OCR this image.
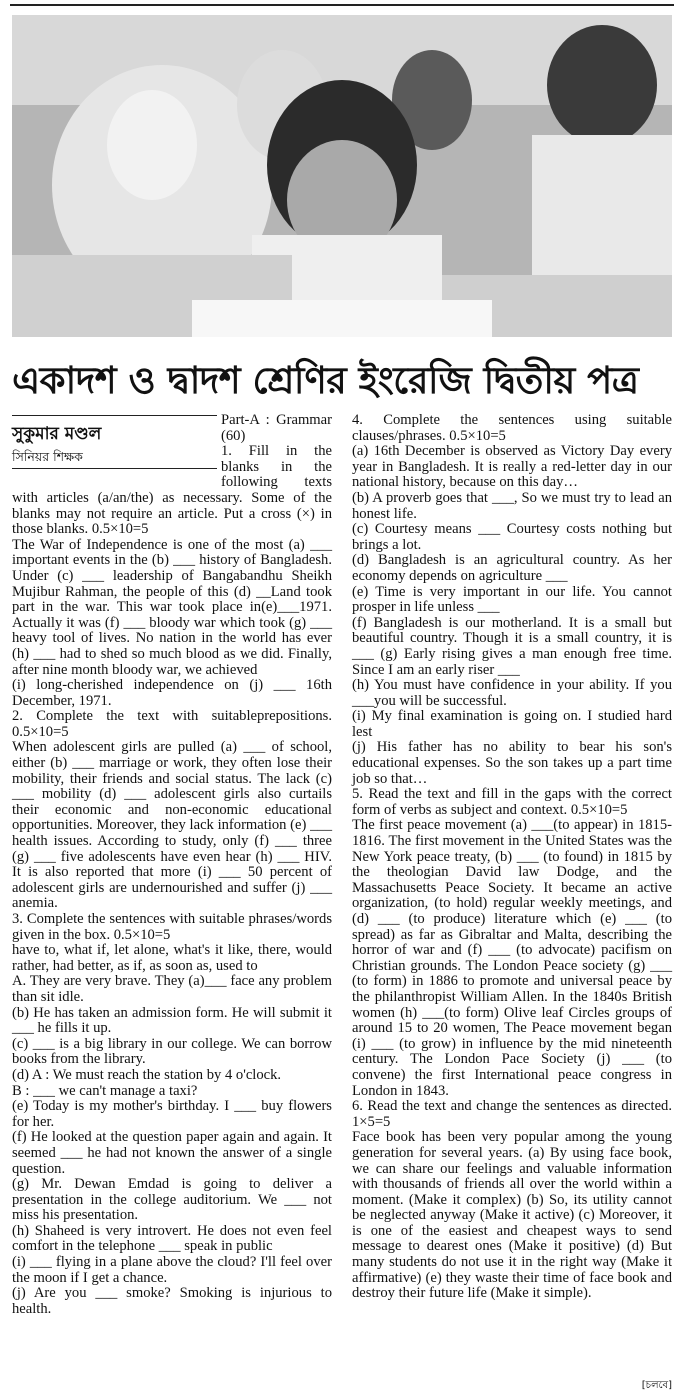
একাদশ ও দ্বাদশ শ্রেণির ইংরেজি দ্বিতীয় পত্র
সুকুমার মণ্ডল
সিনিয়র শিক্ষক

Part-A : Grammar (60)

1. Fill in the blanks in the following texts with articles (a/an/the) as necessary. Some of the blanks may not require an article. Put a cross (×) in those blanks. 0.5×10=5

The War of Independence is one of the most (a) ___ important events in the (b) ___ history of Bangladesh. Under (c) ___ leadership of Bangabandhu Sheikh Mujibur Rahman, the people of this (d) __Land took part in the war. This war took place in(e)___1971. Actually it was (f) ___ bloody war which took (g) ___ heavy tool of lives. No nation in the world has ever (h) ___ had to shed so much blood as we did. Finally, after nine month bloody war, we achieved

(i) long-cherished independence on (j) ___ 16th December, 1971.

2. Complete the text with suitableprepositions. 0.5×10=5

When adolescent girls are pulled (a) ___ of school, either (b) ___ marriage or work, they often lose their mobility, their friends and social status. The lack (c) ___ mobility (d) ___ adolescent girls also curtails their economic and non-economic educational opportunities. Moreover, they lack information (e) ___ health issues. According to study, only (f) ___ three (g) ___ five adolescents have even hear (h) ___ HIV. It is also reported that more (i) ___ 50 percent of adolescent girls are undernourished and suffer (j) ___ anemia.

3. Complete the sentences with suitable phrases/words given in the box. 0.5×10=5

have to, what if, let alone, what's it like, there, would rather, had better, as if, as soon as, used to

A. They are very brave. They (a)___ face any problem than sit idle.

(b) He has taken an admission form. He will submit it ___ he fills it up.

(c) ___ is a big library in our college. We can borrow books from the library.

(d) A : We must reach the station by 4 o'clock.

B : ___ we can't manage a taxi?

(e) Today is my mother's birthday. I ___ buy flowers for her.

(f) He looked at the question paper again and again. It seemed ___ he had not known the answer of a single question.

(g) Mr. Dewan Emdad is going to deliver a presentation in the college auditorium. We ___ not miss his presentation.

(h) Shaheed is very introvert. He does not even feel comfort in the telephone ___ speak in public

(i) ___ flying in a plane above the cloud? I'll feel over the moon if I get a chance.

(j) Are you ___ smoke? Smoking is injurious to health.

4. Complete the sentences using suitable clauses/phrases. 0.5×10=5

(a) 16th December is observed as Victory Day every year in Bangladesh. It is really a red-letter day in our national history, because on this day…

(b) A proverb goes that ___, So we must try to lead an honest life.

(c) Courtesy means ___ Courtesy costs nothing but brings a lot.

(d) Bangladesh is an agricultural country. As her economy depends on agriculture ___

(e) Time is very important in our life. You cannot prosper in life unless ___

(f) Bangladesh is our motherland. It is a small but beautiful country. Though it is a small country, it is ___ (g) Early rising gives a man enough free time. Since I am an early riser ___

(h) You must have confidence in your ability. If you ___you will be successful.

(i) My final examination is going on. I studied hard lest

(j) His father has no ability to bear his son's educational expenses. So the son takes up a part time job so that…

5. Read the text and fill in the gaps with the correct form of verbs as subject and context. 0.5×10=5

The first peace movement (a) ___(to appear) in 1815-1816. The first movement in the United States was the New York peace treaty, (b) ___ (to found) in 1815 by the theologian David law Dodge, and the Massachusetts Peace Society. It became an active organization, (to hold) regular weekly meetings, and (d) ___ (to produce) literature which (e) ___ (to spread) as far as Gibraltar and Malta, describing the horror of war and (f) ___ (to advocate) pacifism on Christian grounds. The London Peace society (g) ___ (to form) in 1886 to promote and universal peace by the philanthropist William Allen. In the 1840s British women (h) ___(to form) Olive leaf Circles groups of around 15 to 20 women, The Peace movement began (i) ___ (to grow) in influence by the mid nineteenth century. The London Pace Society (j) ___ (to convene) the first International peace congress in London in 1843.

6. Read the text and change the sentences as directed. 1×5=5

Face book has been very popular among the young generation for several years. (a) By using face book, we can share our feelings and valuable information with thousands of friends all over the world within a moment. (Make it complex) (b) So, its utility cannot be neglected anyway (Make it active) (c) Moreover, it is one of the easiest and cheapest ways to send message to dearest ones (Make it positive) (d) But many students do not use it in the right way (Make it affirmative) (e) they waste their time of face book and destroy their future life (Make it simple).

[চলবে]
